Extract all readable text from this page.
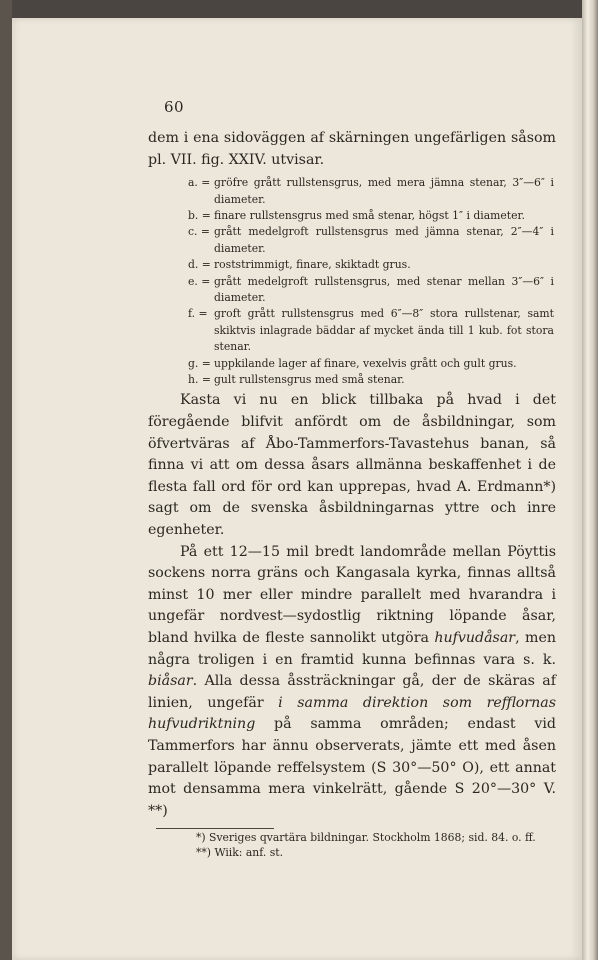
60

dem i ena sidoväggen af skärningen ungefärligen såsom pl. VII. fig. XXIV. utvisar.

a. = gröfre grått rullstensgrus, med mera jämna stenar, 3″—6″ i diameter.
b. = finare rullstensgrus med små stenar, högst 1″ i diameter.
c. = grått medelgroft rullstensgrus med jämna stenar, 2″—4″ i diameter.
d. = roststrimmigt, finare, skiktadt grus.
e. = grått medelgroft rullstensgrus, med stenar mellan 3″—6″ i diameter.
f. = groft grått rullstensgrus med 6″—8″ stora rullstenar, samt skiktvis inlagrade bäddar af mycket ända till 1 kub. fot stora stenar.
g. = uppkilande lager af finare, vexelvis grått och gult grus.
h. = gult rullstensgrus med små stenar.

Kasta vi nu en blick tillbaka på hvad i det föregående blifvit anfördt om de åsbildningar, som öfvertväras af Åbo-Tammerfors-Tavastehus banan, så finna vi att om dessa åsars allmänna beskaffenhet i de flesta fall ord för ord kan upprepas, hvad A. Erdmann*) sagt om de svenska åsbildningarnas yttre och inre egenheter.

På ett 12—15 mil bredt landområde mellan Pöyttis sockens norra gräns och Kangasala kyrka, finnas alltså minst 10 mer eller mindre parallelt med hvarandra i ungefär nordvest—sydostlig riktning löpande åsar, bland hvilka de fleste sannolikt utgöra hufvudåsar, men några troligen i en framtid kunna befinnas vara s. k. biåsar. Alla dessa åssträckningar gå, der de skäras af linien, ungefär i samma direktion som refflornas hufvudriktning på samma områden; endast vid Tammerfors har ännu observerats, jämte ett med åsen parallelt löpande reffelsystem (S 30°—50° O), ett annat mot densamma mera vinkelrätt, gående S 20°—30° V. **)

*) Sveriges qvartära bildningar. Stockholm 1868; sid. 84. o. ff.
**) Wiik: anf. st.
